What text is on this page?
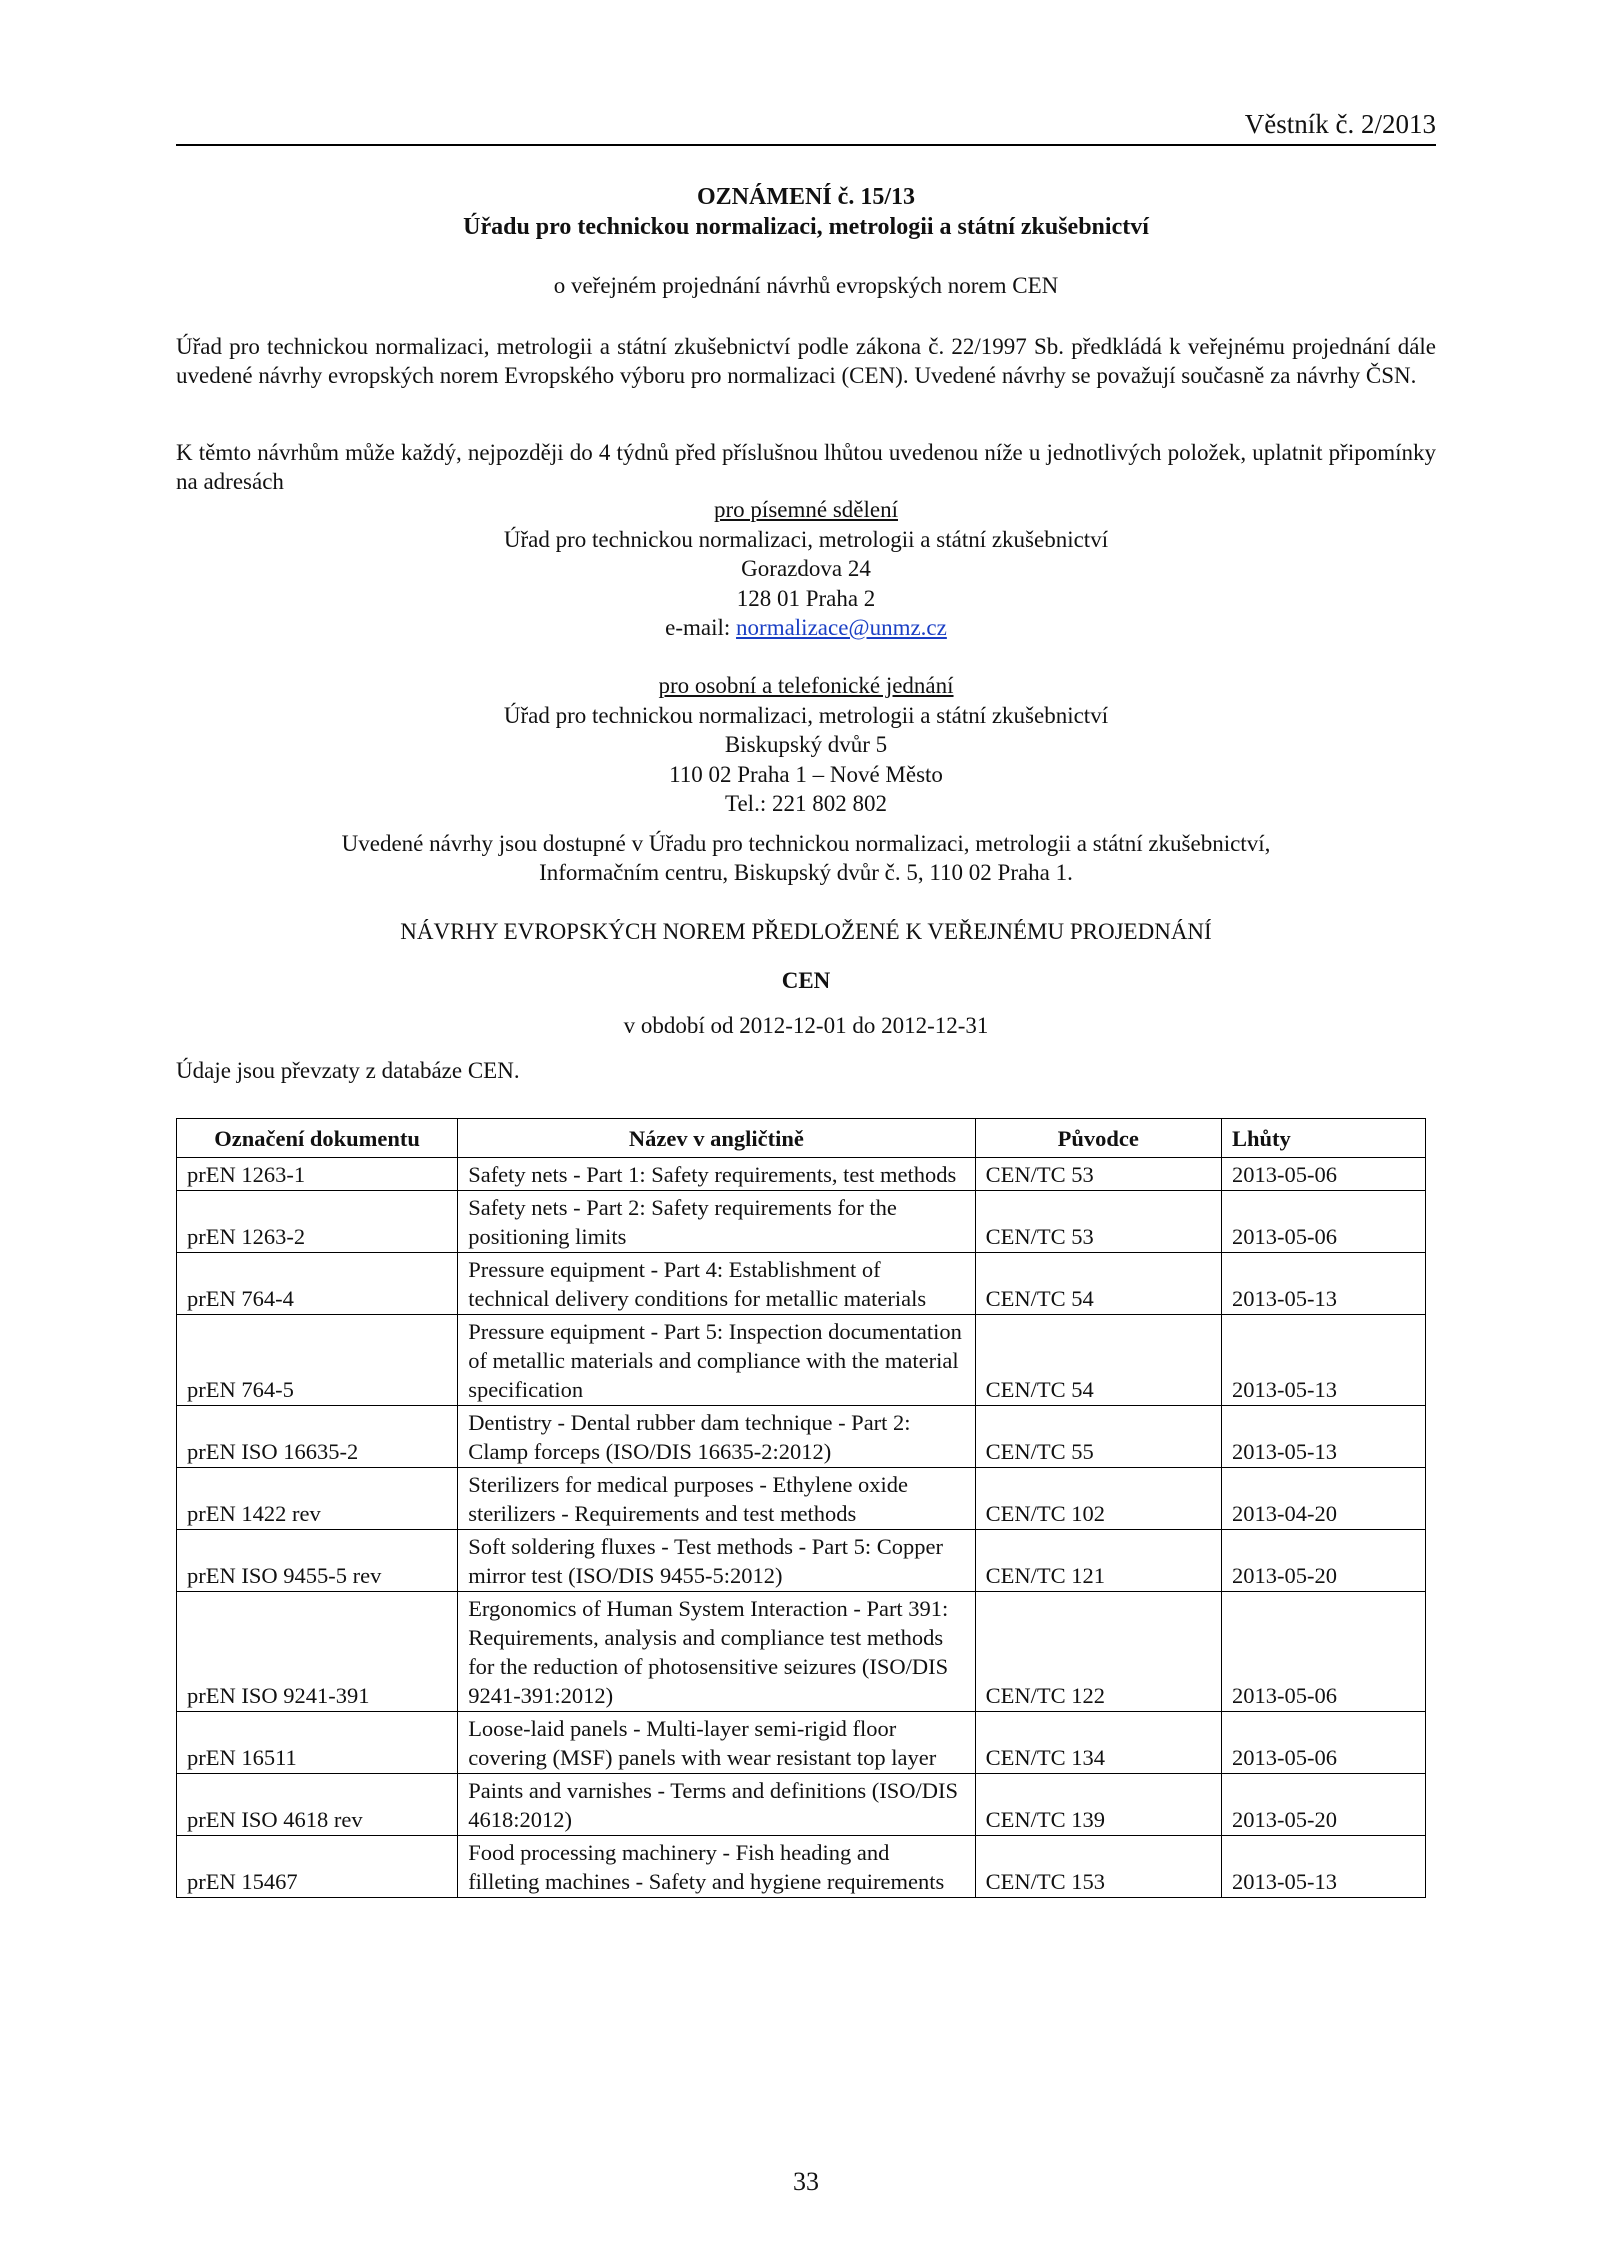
Věstník č. 2/2013
OZNÁMENÍ č. 15/13
Úřadu pro technickou normalizaci, metrologii a státní zkušebnictví
o veřejném projednání návrhů evropských norem CEN
Úřad pro technickou normalizaci, metrologii a státní zkušebnictví podle zákona č. 22/1997 Sb. předkládá k veřejnému projednání dále uvedené návrhy evropských norem Evropského výboru pro normalizaci (CEN). Uvedené návrhy se považují současně za návrhy ČSN.
K těmto návrhům může každý, nejpozději do 4 týdnů před příslušnou lhůtou uvedenou níže u jednotlivých položek, uplatnit připomínky na adresách
pro písemné sdělení
Úřad pro technickou normalizaci, metrologii a státní zkušebnictví
Gorazdova 24
128 01 Praha 2
e-mail: normalizace@unmz.cz
pro osobní a telefonické jednání
Úřad pro technickou normalizaci, metrologii a státní zkušebnictví
Biskupský dvůr 5
110 02 Praha 1 – Nové Město
Tel.: 221 802 802
Uvedené návrhy jsou dostupné v Úřadu pro technickou normalizaci, metrologii a státní zkušebnictví,
Informačním centru, Biskupský dvůr č. 5, 110 02 Praha 1.
NÁVRHY EVROPSKÝCH NOREM PŘEDLOŽENÉ K VEŘEJNÉMU PROJEDNÁNÍ
CEN
v období od 2012-12-01 do 2012-12-31
Údaje jsou převzaty z databáze CEN.
Označení dokumentu	Název v angličtině	Původce	Lhůty
prEN 1263-1	Safety nets - Part 1: Safety requirements, test methods	CEN/TC 53	2013-05-06
prEN 1263-2	Safety nets - Part 2: Safety requirements for the positioning limits	CEN/TC 53	2013-05-06
prEN 764-4	Pressure equipment - Part 4: Establishment of technical delivery conditions for metallic materials	CEN/TC 54	2013-05-13
prEN 764-5	Pressure equipment - Part 5: Inspection documentation of metallic materials and compliance with the material specification	CEN/TC 54	2013-05-13
prEN ISO 16635-2	Dentistry - Dental rubber dam technique - Part 2: Clamp forceps (ISO/DIS 16635-2:2012)	CEN/TC 55	2013-05-13
prEN 1422 rev	Sterilizers for medical purposes - Ethylene oxide sterilizers - Requirements and test methods	CEN/TC 102	2013-04-20
prEN ISO 9455-5 rev	Soft soldering fluxes - Test methods - Part 5: Copper mirror test (ISO/DIS 9455-5:2012)	CEN/TC 121	2013-05-20
prEN ISO 9241-391	Ergonomics of Human System Interaction - Part 391: Requirements, analysis and compliance test methods for the reduction of photosensitive seizures (ISO/DIS 9241-391:2012)	CEN/TC 122	2013-05-06
prEN 16511	Loose-laid panels - Multi-layer semi-rigid floor covering (MSF) panels with wear resistant top layer	CEN/TC 134	2013-05-06
prEN ISO 4618 rev	Paints and varnishes - Terms and definitions (ISO/DIS 4618:2012)	CEN/TC 139	2013-05-20
prEN 15467	Food processing machinery - Fish heading and filleting machines - Safety and hygiene requirements	CEN/TC 153	2013-05-13
33
